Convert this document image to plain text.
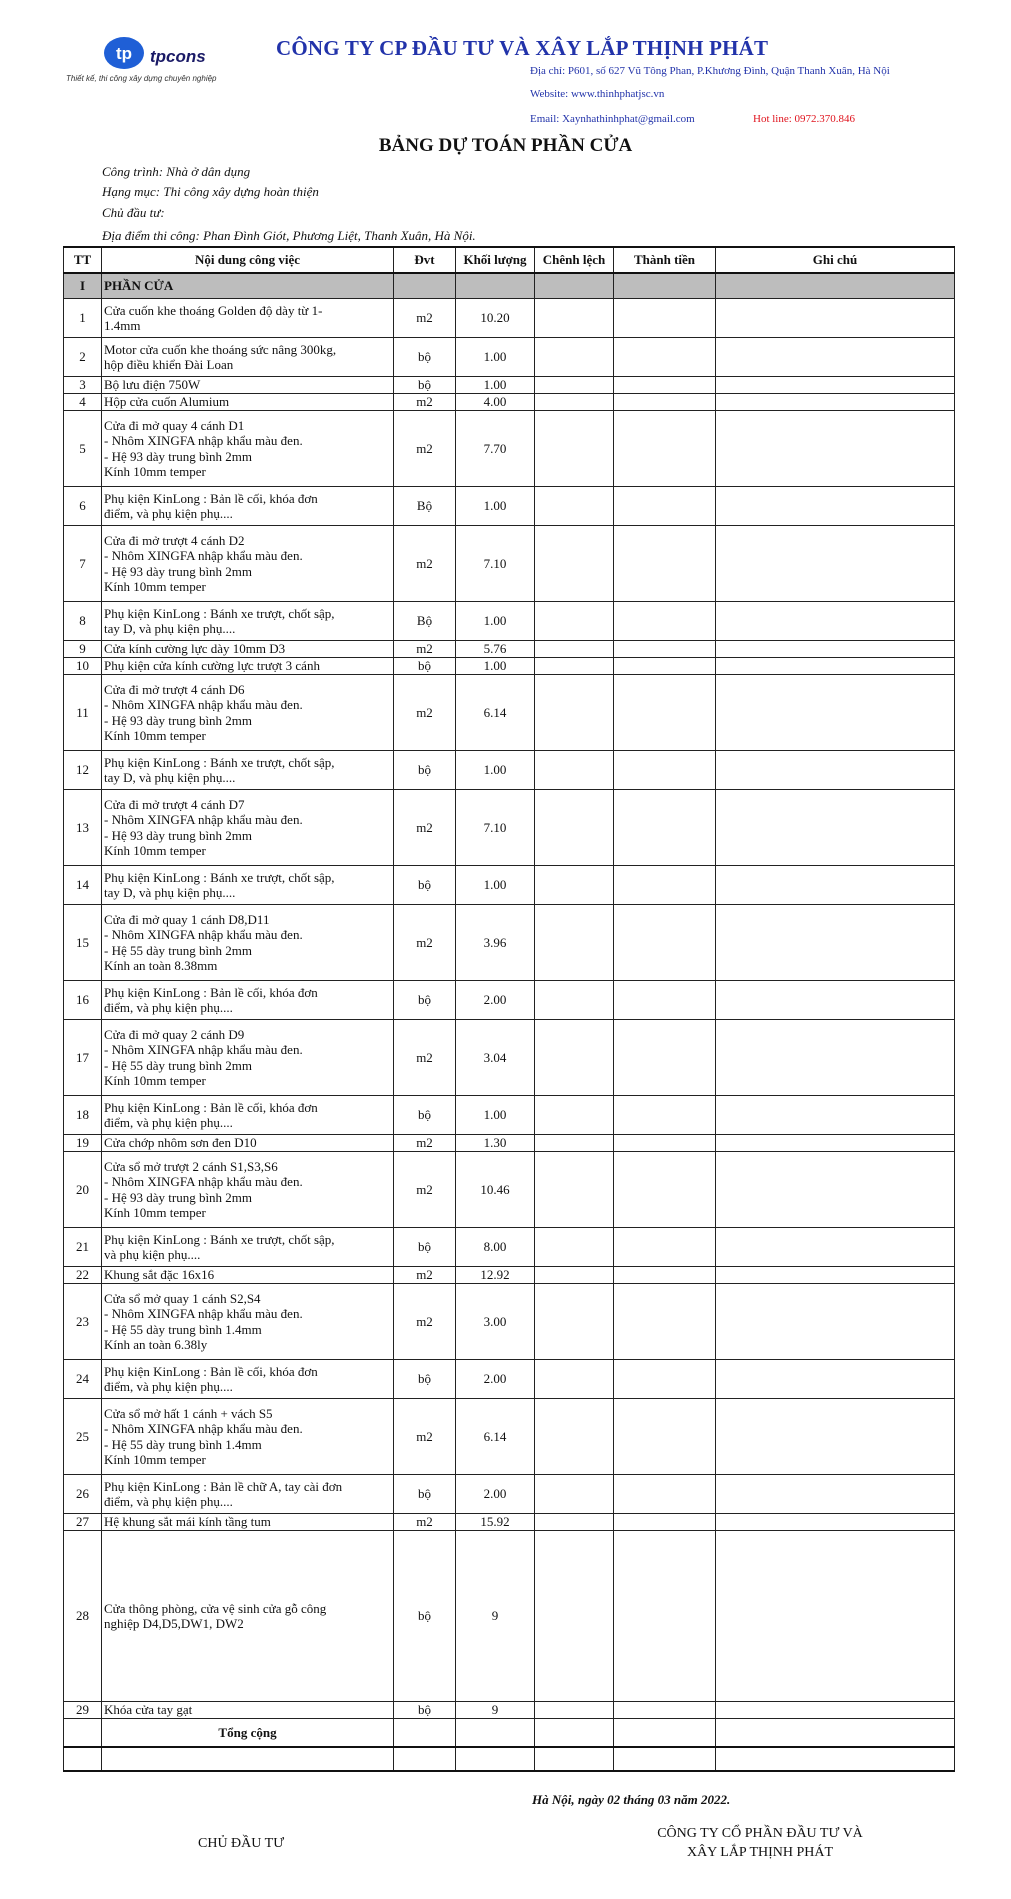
tp tpcons
Thiết kế, thi công xây dựng chuyên nghiệp
CÔNG TY CP ĐẦU TƯ VÀ XÂY LẮP THỊNH PHÁT
Địa chỉ: P601, số 627 Vũ Tông Phan, P.Khương Đình, Quận Thanh Xuân, Hà Nội
Website: www.thinhphatjsc.vn
Email: Xaynhathinhphat@gmail.com	Hot line: 0972.370.846
BẢNG DỰ TOÁN PHẦN CỬA
Công trình: Nhà ở dân dụng
Hạng mục: Thi công xây dựng hoàn thiện
Chủ đầu tư:
Địa điểm thi công: Phan Đình Giót, Phương Liệt, Thanh Xuân, Hà Nội.
TT	Nội dung công việc	Đvt	Khối lượng	Chênh lệch	Thành tiền	Ghi chú
I	PHẦN CỬA					
1	Cửa cuốn khe thoáng Golden độ dày từ 1-
1.4mm	m2	10.20			
2	Motor cửa cuốn khe thoáng sức nâng 300kg,
hộp điều khiển Đài Loan	bộ	1.00			
3	Bộ lưu điện 750W	bộ	1.00			
4	Hộp cửa cuốn Alumium	m2	4.00			
5	Cửa đi mở quay 4 cánh D1
- Nhôm XINGFA nhập khẩu màu đen.
- Hệ 93 dày trung bình 2mm
Kính 10mm temper	m2	7.70			
6	Phụ kiện KinLong : Bản lề cối, khóa đơn
điểm, và phụ kiện phụ....	Bộ	1.00			
7	Cửa đi mở trượt 4 cánh D2
- Nhôm XINGFA nhập khẩu màu đen.
- Hệ 93 dày trung bình 2mm
Kính 10mm temper	m2	7.10			
8	Phụ kiện KinLong : Bánh xe trượt, chốt sập,
tay D, và phụ kiện phụ....	Bộ	1.00			
9	Cửa kính cường lực dày 10mm D3	m2	5.76			
10	Phụ kiện cửa kính cường lực trượt 3 cánh	bộ	1.00			
11	Cửa đi mở trượt 4 cánh D6
- Nhôm XINGFA nhập khẩu màu đen.
- Hệ 93 dày trung bình 2mm
Kính 10mm temper	m2	6.14			
12	Phụ kiện KinLong : Bánh xe trượt, chốt sập,
tay D, và phụ kiện phụ....	bộ	1.00			
13	Cửa đi mở trượt 4 cánh D7
- Nhôm XINGFA nhập khẩu màu đen.
- Hệ 93 dày trung bình 2mm
Kính 10mm temper	m2	7.10			
14	Phụ kiện KinLong : Bánh xe trượt, chốt sập,
tay D, và phụ kiện phụ....	bộ	1.00			
15	Cửa đi mở quay 1 cánh D8,D11
- Nhôm XINGFA nhập khẩu màu đen.
- Hệ 55 dày trung bình 2mm
Kính an toàn 8.38mm	m2	3.96			
16	Phụ kiện KinLong : Bản lề cối, khóa đơn
điểm, và phụ kiện phụ....	bộ	2.00			
17	Cửa đi mở quay 2 cánh D9
- Nhôm XINGFA nhập khẩu màu đen.
- Hệ 55 dày trung bình 2mm
Kính 10mm temper	m2	3.04			
18	Phụ kiện KinLong : Bản lề cối, khóa đơn
điểm, và phụ kiện phụ....	bộ	1.00			
19	Cửa chớp nhôm sơn đen D10	m2	1.30			
20	Cửa sổ mở trượt 2 cánh S1,S3,S6
- Nhôm XINGFA nhập khẩu màu đen.
- Hệ 93 dày trung bình 2mm
Kính 10mm temper	m2	10.46			
21	Phụ kiện KinLong : Bánh xe trượt, chốt sập,
và phụ kiện phụ....	bộ	8.00			
22	Khung sắt đặc 16x16	m2	12.92			
23	Cửa sổ mở quay 1 cánh S2,S4
- Nhôm XINGFA nhập khẩu màu đen.
- Hệ 55 dày trung bình 1.4mm
Kính an toàn 6.38ly	m2	3.00			
24	Phụ kiện KinLong : Bản lề cối, khóa đơn
điểm, và phụ kiện phụ....	bộ	2.00			
25	Cửa sổ mở hất 1 cánh + vách S5
- Nhôm XINGFA nhập khẩu màu đen.
- Hệ 55 dày trung bình 1.4mm
Kính 10mm temper	m2	6.14			
26	Phụ kiện KinLong : Bản lề chữ A, tay cài đơn
điểm, và phụ kiện phụ....	bộ	2.00			
27	Hệ khung sắt mái kính tầng tum	m2	15.92			
28	Cửa thông phòng, cửa vệ sinh cửa gỗ công
nghiệp D4,D5,DW1, DW2	bộ	9			
29	Khóa cửa tay gạt	bộ	9			
	Tổng cộng					

Hà Nội, ngày 02 tháng 03 năm 2022.
CHỦ ĐẦU TƯ
CÔNG TY CỔ PHẦN ĐẦU TƯ VÀ
XÂY LẮP THỊNH PHÁT
